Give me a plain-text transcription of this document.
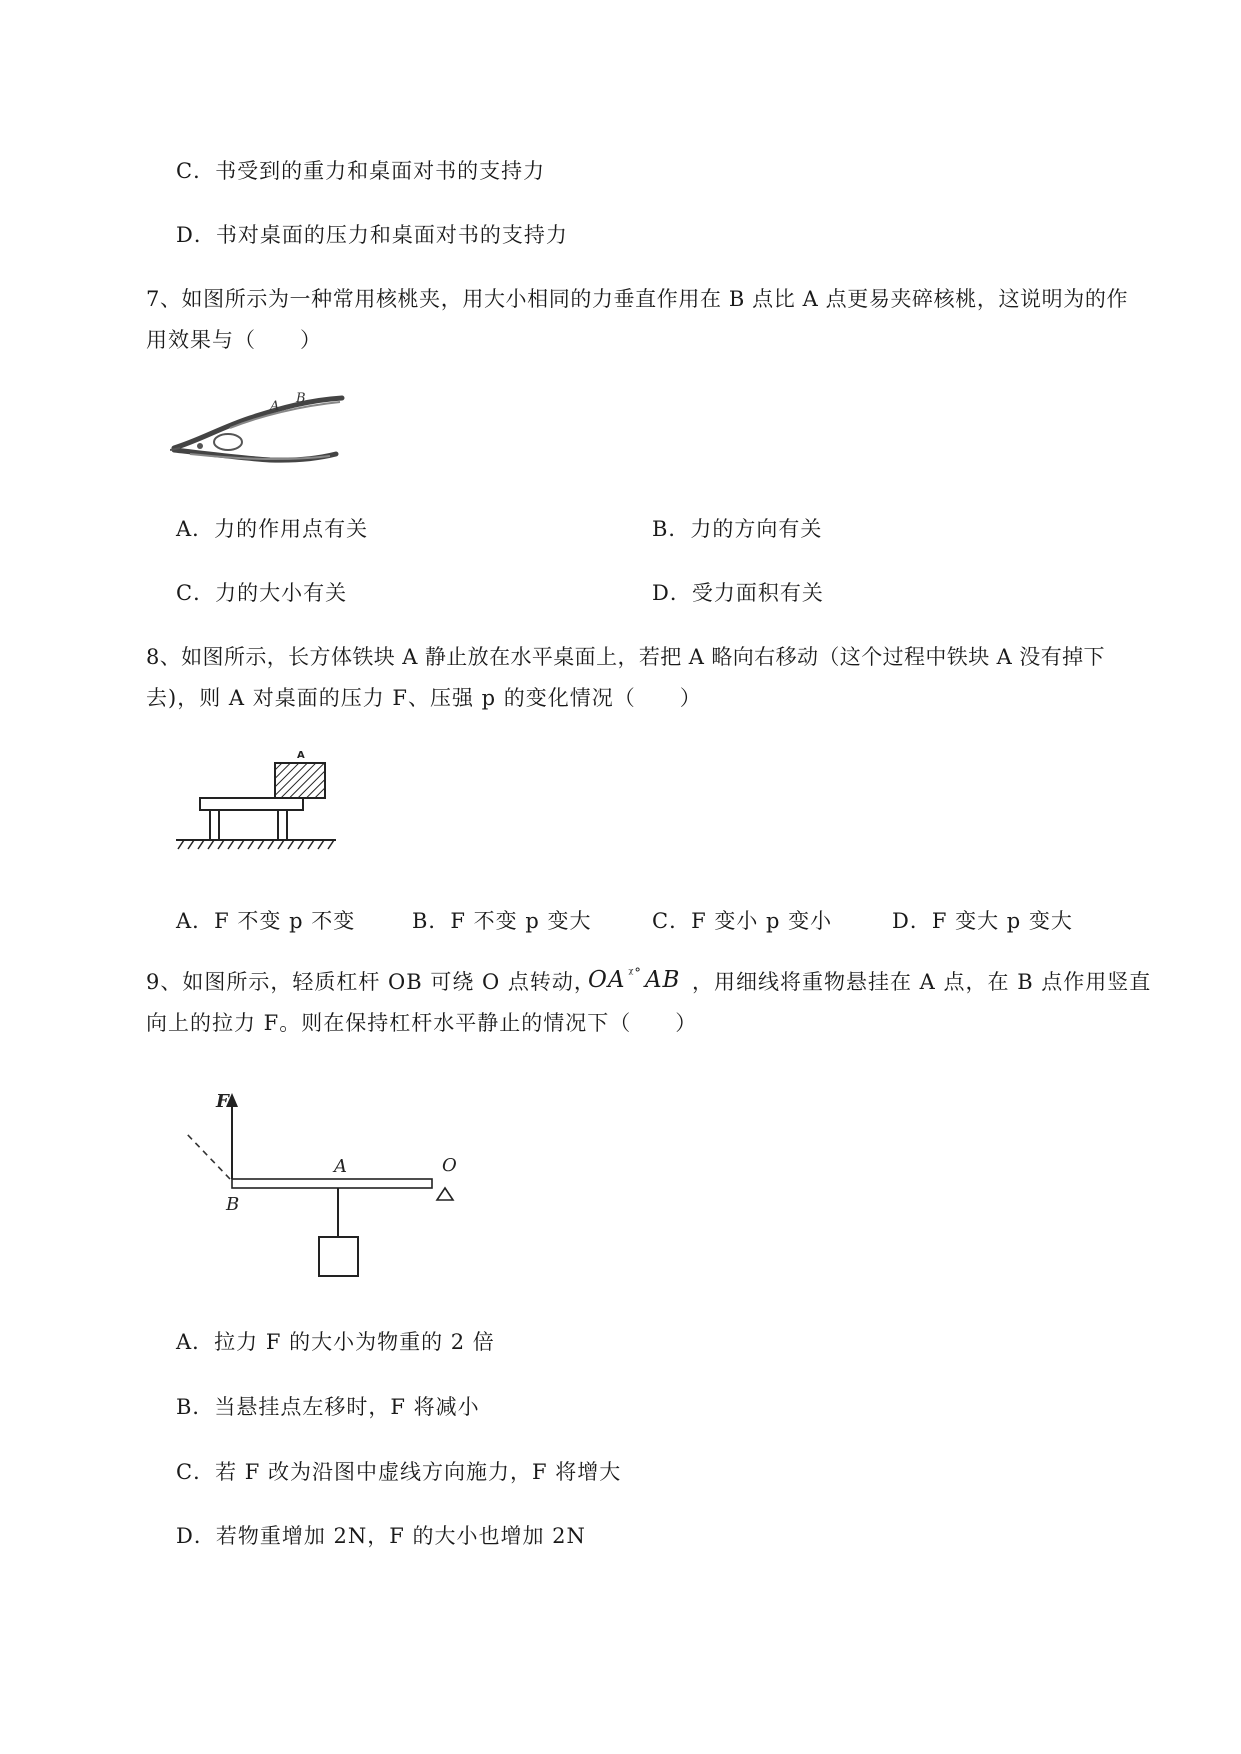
C．书受到的重力和桌面对书的支持力
D．书对桌面的压力和桌面对书的支持力
7、如图所示为一种常用核桃夹，用大小相同的力垂直作用在 B 点比 A 点更易夹碎核桃，这说明为的作
用效果与（　　）
A
B
A．力的作用点有关	B．力的方向有关
C．力的大小有关	D．受力面积有关
8、如图所示，长方体铁块 A 静止放在水平桌面上，若把 A 略向右移动（这个过程中铁块 A 没有掉下
去)，则 A 对桌面的压力 F、压强 p 的变化情况（　　）
A
A．F 不变 p 不变	B．F 不变 p 变大	C．F 变小 p 变小	D．F 变大 p 变大
9、如图所示，轻质杠杆 OB 可绕 O 点转动，
OA $^{ᵡ^\circ}$ AB ，用细线将重物悬挂在 A 点，在 B 点作用竖直
向上的拉力 F。则在保持杠杆水平静止的情况下（　　）
F
A	O
B
A．拉力 F 的大小为物重的 2 倍
B．当悬挂点左移时，F 将减小
C．若 F 改为沿图中虚线方向施力，F 将增大
D．若物重增加 2N，F 的大小也增加 2N
